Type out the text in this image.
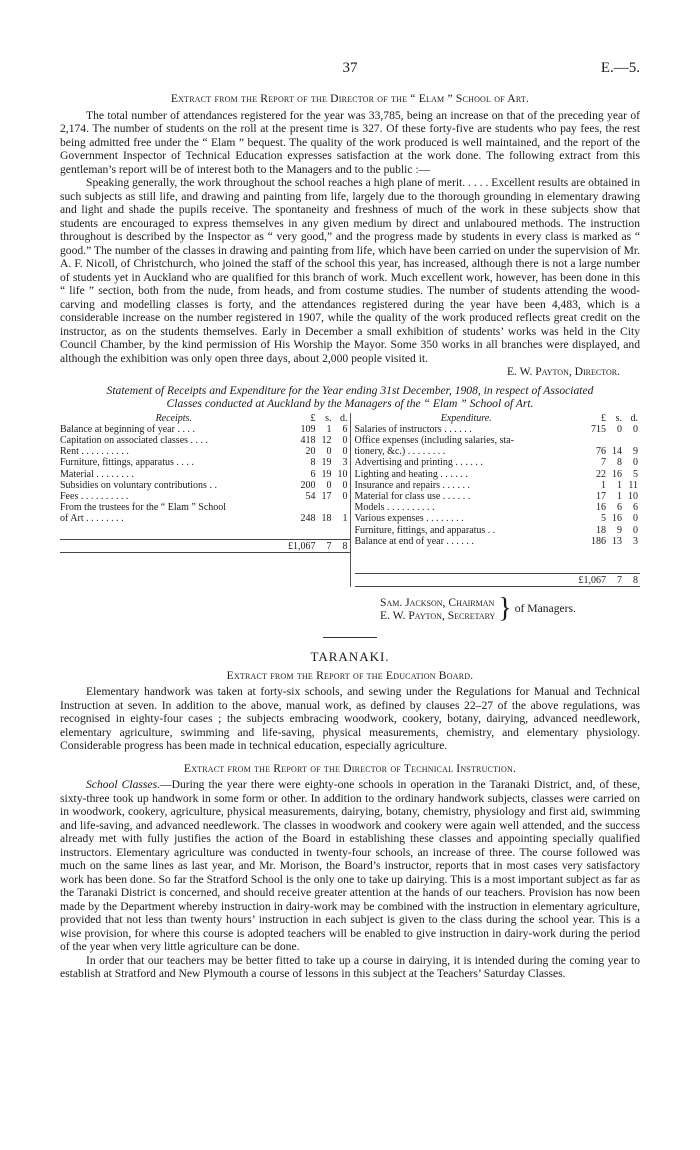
37	E.—5.
Extract from the Report of the Director of the “ Elam ” School of Art.

The total number of attendances registered for the year was 33,785, being an increase on that of the preceding year of 2,174. The number of students on the roll at the present time is 327. Of these forty-five are students who pay fees, the rest being admitted free under the “ Elam ” bequest. The quality of the work produced is well maintained, and the report of the Government Inspector of Technical Education expresses satisfaction at the work done. The following extract from this gentleman’s report will be of interest both to the Managers and to the public :—

Speaking generally, the work throughout the school reaches a high plane of merit. . . . . Excellent results are obtained in such subjects as still life, and drawing and painting from life, largely due to the thorough grounding in elementary drawing and light and shade the pupils receive. The spontaneity and freshness of much of the work in these subjects show that students are encouraged to express themselves in any given medium by direct and unlaboured methods. The instruction throughout is described by the Inspector as “ very good,” and the progress made by students in every class is marked as “ good.” The number of the classes in drawing and painting from life, which have been carried on under the supervision of Mr. A. F. Nicoll, of Christchurch, who joined the staff of the school this year, has increased, although there is not a large number of students yet in Auckland who are qualified for this branch of work. Much excellent work, however, has been done in this “ life ” section, both from the nude, from heads, and from costume studies. The number of students attending the wood-carving and modelling classes is forty, and the attendances registered during the year have been 4,483, which is a considerable increase on the number registered in 1907, while the quality of the work produced reflects great credit on the instructor, as on the students themselves. Early in December a small exhibition of students’ works was held in the City Council Chamber, by the kind permission of His Worship the Mayor. Some 350 works in all branches were displayed, and although the exhibition was only open three days, about 2,000 people visited it.

E. W. Payton, Director.
Statement of Receipts and Expenditure for the Year ending 31st December, 1908, in respect of Associated
Classes conducted at Auckland by the Managers of the “ Elam ” School of Art.
Receipts.	£ s. d.
Balance at beginning of year . . . .	109	1	6
Capitation on associated classes . . . .	418 12	0
Rent . . . . . . . . . .	20	0	0
Furniture, fittings, apparatus . . . .	8 19	3
Material . . . . . . . .	6 19 10
Subsidies on voluntary contributions . .	200	0	0
Fees . . . . . . . . . .	54 17	0
From the trustees for the “ Elam ” School
of Art . . . . . . . .	248 18	1
£1,067	7	8
Expenditure.	£ s. d.
Salaries of instructors . . . . . .	715	0	0
Office expenses (including salaries, sta-
tionery, &c.) . . . . . . . .	76 14	9
Advertising and printing . . . . . .	7	8	0
Lighting and heating . . . . . .	22 16	5
Insurance and repairs . . . . . .	1	1 11
Material for class use . . . . . .	17	1 10
Models . . . . . . . . . .	16	6	6
Various expenses . . . . . . . .	5 16	0
Furniture, fittings, and apparatus . .	18	9	0
Balance at end of year . . . . . .	186 13	3
£1,067	7	8
Sam. Jackson, Chairman
E. W. Payton, Secretary } of Managers.
TARANAKI.
Extract from the Report of the Education Board.

Elementary handwork was taken at forty-six schools, and sewing under the Regulations for Manual and Technical Instruction at seven. In addition to the above, manual work, as defined by clauses 22–27 of the above regulations, was recognised in eighty-four cases ; the subjects embracing woodwork, cookery, botany, dairying, advanced needlework, elementary agriculture, swimming and life-saving, physical measurements, chemistry, and elementary physiology. Considerable progress has been made in technical education, especially agriculture.

Extract from the Report of the Director of Technical Instruction.

School Classes.—During the year there were eighty-one schools in operation in the Taranaki District, and, of these, sixty-three took up handwork in some form or other. In addition to the ordinary handwork subjects, classes were carried on in woodwork, cookery, agriculture, physical measurements, dairying, botany, chemistry, physiology and first aid, swimming and life-saving, and advanced needlework. The classes in woodwork and cookery were again well attended, and the success already met with fully justifies the action of the Board in establishing these classes and appointing specially qualified instructors. Elementary agriculture was conducted in twenty-four schools, an increase of three. The course followed was much on the same lines as last year, and Mr. Morison, the Board’s instructor, reports that in most cases very satisfactory work has been done. So far the Stratford School is the only one to take up dairying. This is a most important subject as far as the Taranaki District is concerned, and should receive greater attention at the hands of our teachers. Provision has now been made by the Department whereby instruction in dairy-work may be combined with the instruction in elementary agriculture, provided that not less than twenty hours’ instruction in each subject is given to the class during the school year. This is a wise provision, for where this course is adopted teachers will be enabled to give instruction in dairy-work during the period of the year when very little agriculture can be done.

In order that our teachers may be better fitted to take up a course in dairying, it is intended during the coming year to establish at Stratford and New Plymouth a course of lessons in this subject at the Teachers’ Saturday Classes.
